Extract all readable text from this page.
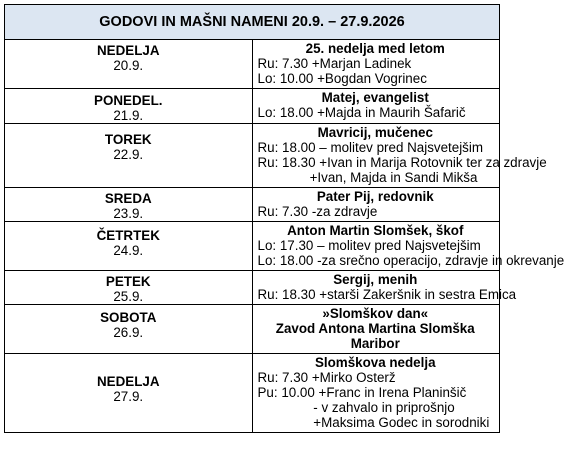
GODOVI IN MAŠNI NAMENI 20.9. – 27.9.2026	

NEDELJA
20.9.	25. nedelja med letom
Ru: 7.30 +Marjan Ladinek
Lo: 10.00 +Bogdan Vogrinec

PONEDEL.
21.9.	Matej, evangelist
Lo: 18.00 +Majda in Maurih Šafarič

TOREK
22.9.	Mavricij, mučenec
Ru: 18.00 – molitev pred Najsvetejšim
Ru: 18.30 +Ivan in Marija Rotovnik ter za zdravje
+Ivan, Majda in Sandi Mikša

SREDA
23.9.	Pater Pij, redovnik
Ru: 7.30 -za zdravje

ČETRTEK
24.9.	Anton Martin Slomšek, škof
Lo: 17.30 – molitev pred Najsvetejšim
Lo: 18.00 -za srečno operacijo, zdravje in okrevanje

PETEK
25.9.	Sergij, menih
Ru: 18.30 +starši Zakeršnik in sestra Emica

SOBOTA
26.9.	»Slomškov dan«
Zavod Antona Martina Slomška Maribor

NEDELJA
27.9.	Slomškova nedelja
Ru: 7.30 +Mirko Osterž
Pu: 10.00 +Franc in Irena Planinšič
- v zahvalo in priprošnjo
+Maksima Godec in sorodniki
